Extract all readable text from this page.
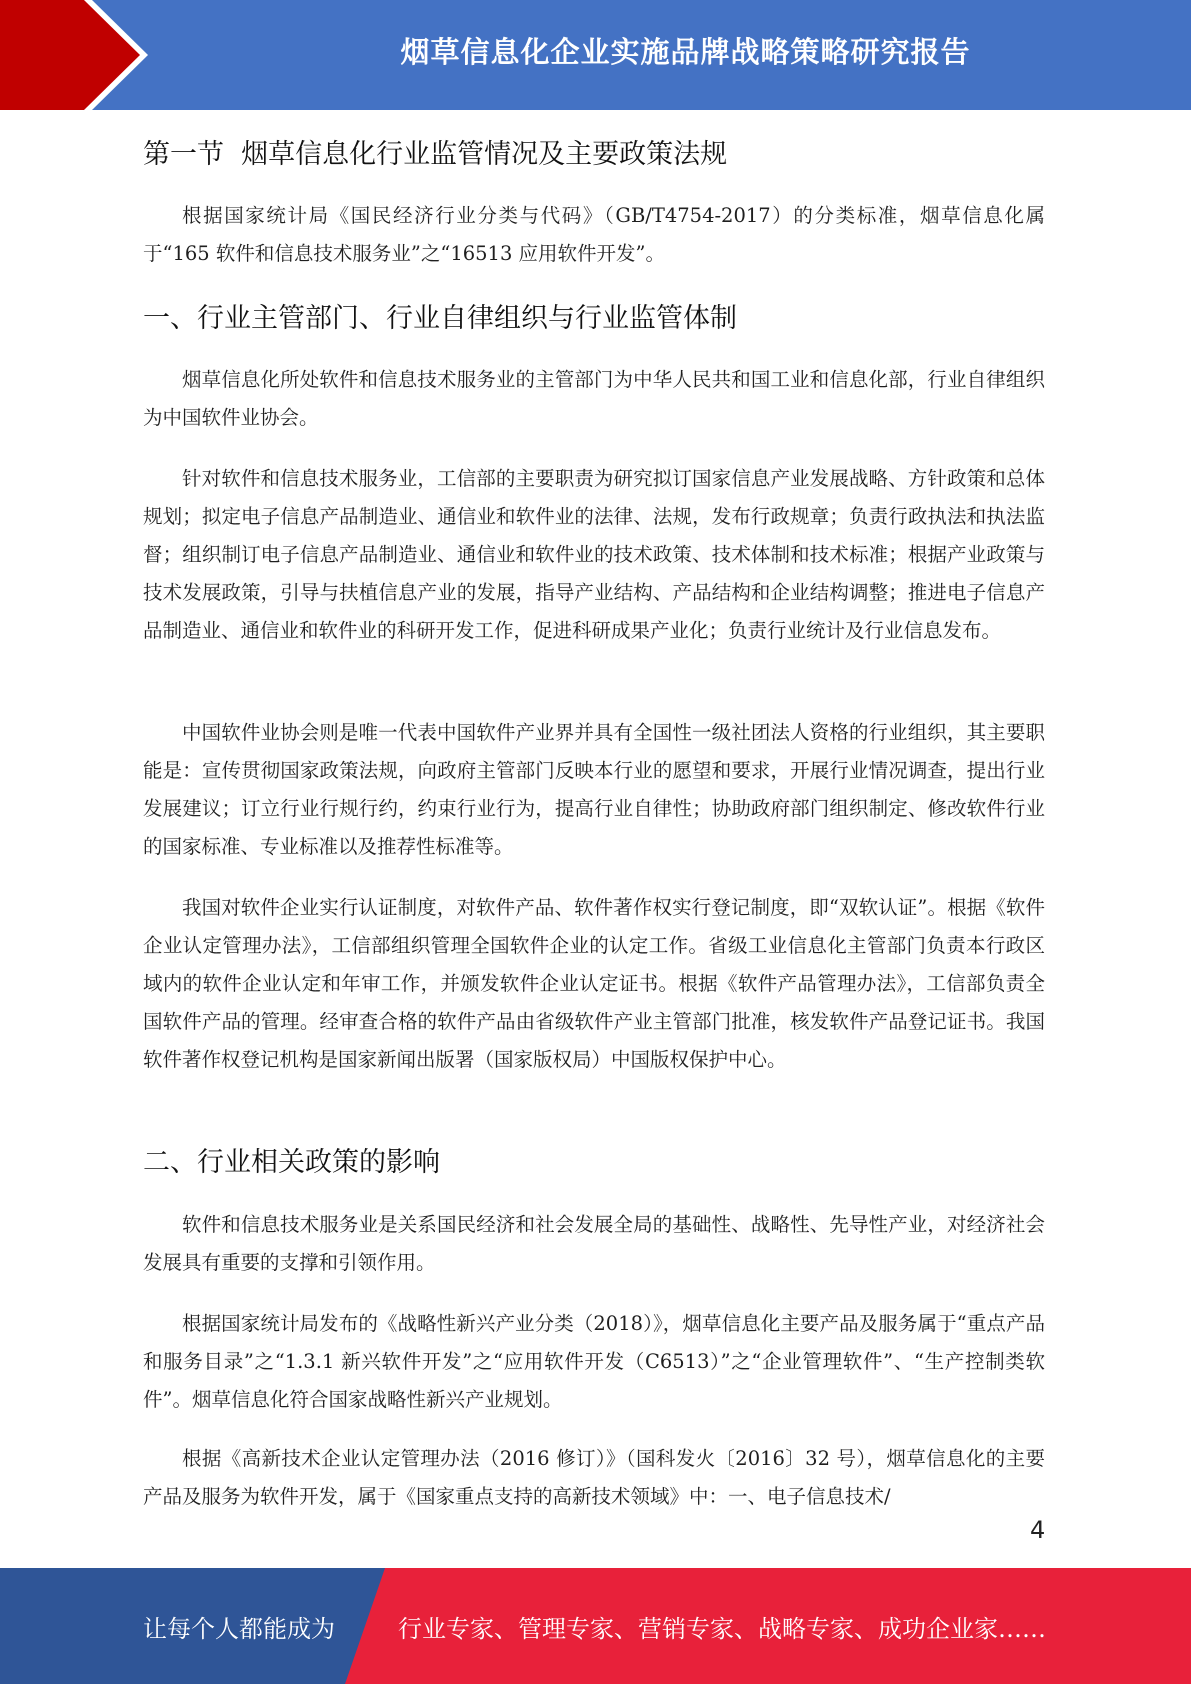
烟草信息化企业实施品牌战略策略研究报告
第一节  烟草信息化行业监管情况及主要政策法规

根据国家统计局《国民经济行业分类与代码》（GB/T4754-2017）的分类标准，烟草信息化属于“165 软件和信息技术服务业”之“16513 应用软件开发”。

一、行业主管部门、行业自律组织与行业监管体制

烟草信息化所处软件和信息技术服务业的主管部门为中华人民共和国工业和信息化部，行业自律组织为中国软件业协会。

针对软件和信息技术服务业，工信部的主要职责为研究拟订国家信息产业发展战略、方针政策和总体规划；拟定电子信息产品制造业、通信业和软件业的法律、法规，发布行政规章；负责行政执法和执法监督；组织制订电子信息产品制造业、通信业和软件业的技术政策、技术体制和技术标准；根据产业政策与技术发展政策，引导与扶植信息产业的发展，指导产业结构、产品结构和企业结构调整；推进电子信息产品制造业、通信业和软件业的科研开发工作，促进科研成果产业化；负责行业统计及行业信息发布。

中国软件业协会则是唯一代表中国软件产业界并具有全国性一级社团法人资格的行业组织，其主要职能是：宣传贯彻国家政策法规，向政府主管部门反映本行业的愿望和要求，开展行业情况调查，提出行业发展建议；订立行业行规行约，约束行业行为，提高行业自律性；协助政府部门组织制定、修改软件行业的国家标准、专业标准以及推荐性标准等。

我国对软件企业实行认证制度，对软件产品、软件著作权实行登记制度，即“双软认证”。根据《软件企业认定管理办法》，工信部组织管理全国软件企业的认定工作。省级工业信息化主管部门负责本行政区域内的软件企业认定和年审工作，并颁发软件企业认定证书。根据《软件产品管理办法》，工信部负责全国软件产品的管理。经审查合格的软件产品由省级软件产业主管部门批准，核发软件产品登记证书。我国软件著作权登记机构是国家新闻出版署（国家版权局）中国版权保护中心。

二、行业相关政策的影响

软件和信息技术服务业是关系国民经济和社会发展全局的基础性、战略性、先导性产业，对经济社会发展具有重要的支撑和引领作用。

根据国家统计局发布的《战略性新兴产业分类（2018）》，烟草信息化主要产品及服务属于“重点产品和服务目录”之“1.3.1 新兴软件开发”之“应用软件开发（C6513）”之“企业管理软件”、“生产控制类软件”。烟草信息化符合国家战略性新兴产业规划。

根据《高新技术企业认定管理办法（2016 修订）》（国科发火〔2016〕32 号），烟草信息化的主要产品及服务为软件开发，属于《国家重点支持的高新技术领域》中：一、电子信息技术/

4
让每个人都能成为	行业专家、管理专家、营销专家、战略专家、成功企业家……
